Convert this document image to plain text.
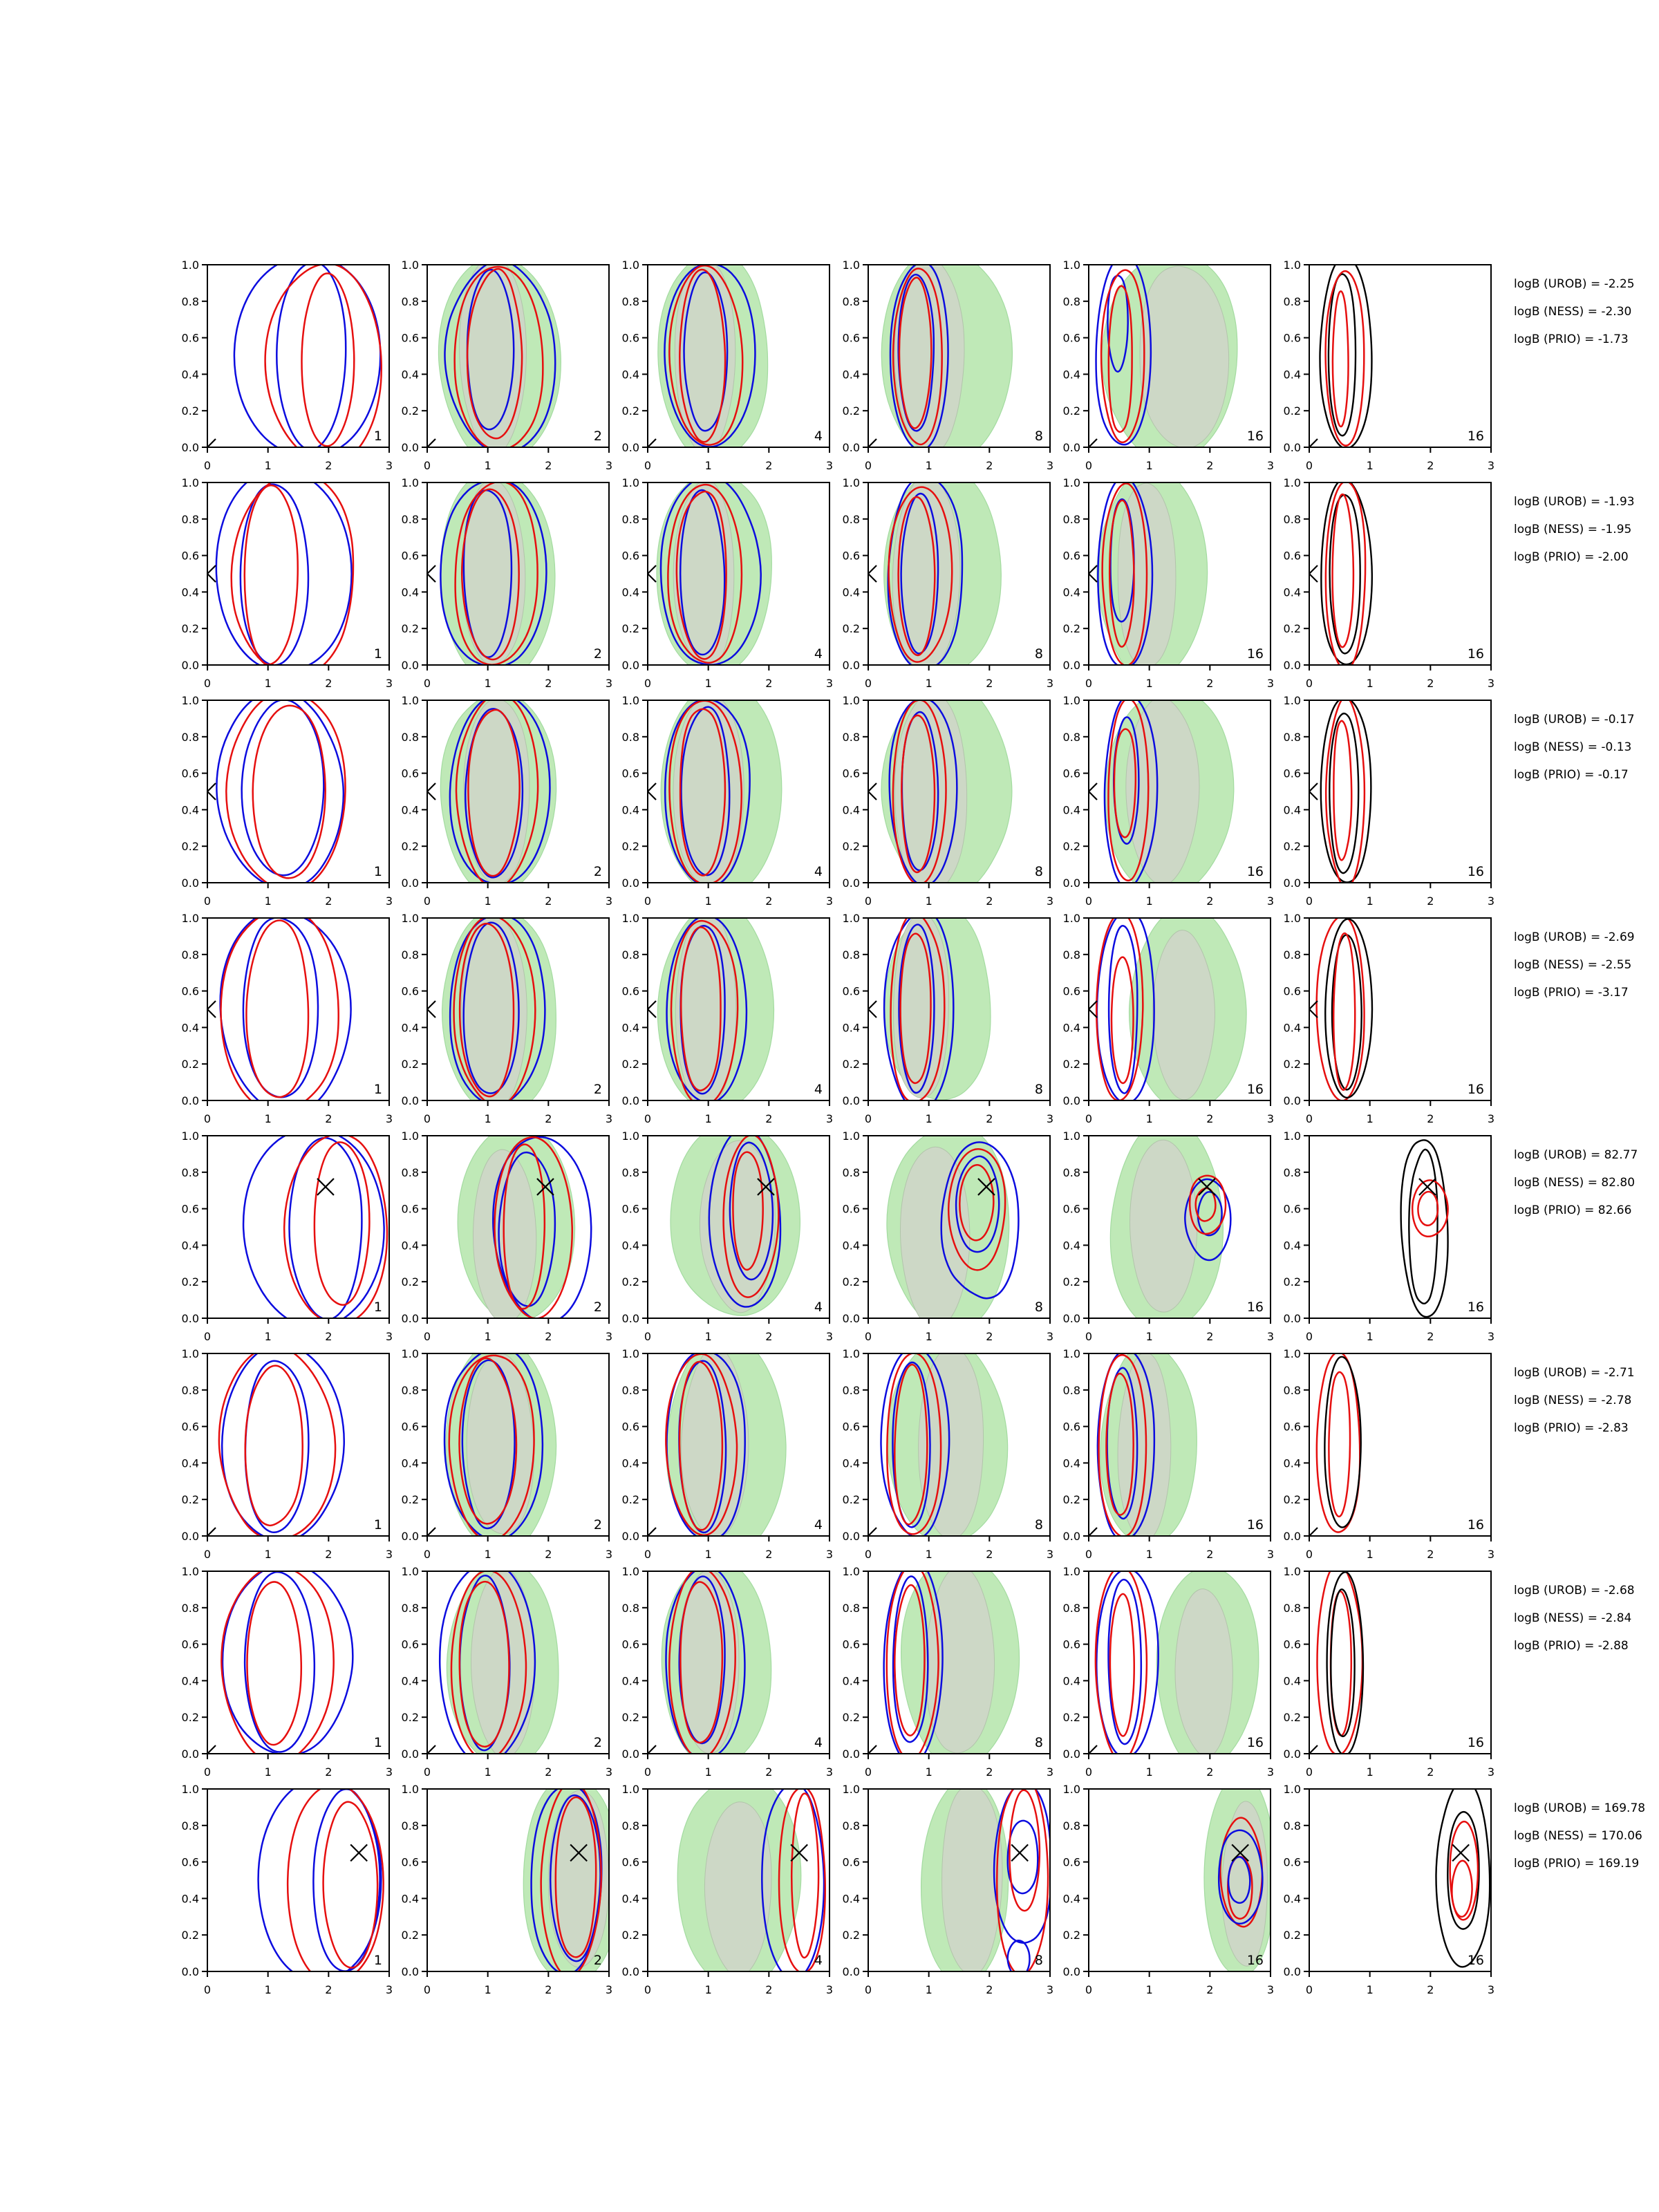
0	1	2	3
0.0
0.2
0.4
0.6
0.8
1.0
1
0	1	2	3
0.0
0.2
0.4
0.6
0.8
1.0
2
0	1	2	3
0.0
0.2
0.4
0.6
0.8
1.0
4
0	1	2	3
0.0
0.2
0.4
0.6
0.8
1.0
8
0	1	2	3
0.0
0.2
0.4
0.6
0.8
1.0
16
0	1	2	3
0.0
0.2
0.4
0.6
0.8
1.0
16
logB (UROB) = -2.25
logB (NESS) = -2.30
logB (PRIO) = -1.73
0	1	2	3
0.0
0.2
0.4
0.6
0.8
1.0
1
0	1	2	3
0.0
0.2
0.4
0.6
0.8
1.0
2
0	1	2	3
0.0
0.2
0.4
0.6
0.8
1.0
4
0	1	2	3
0.0
0.2
0.4
0.6
0.8
1.0
8
0	1	2	3
0.0
0.2
0.4
0.6
0.8
1.0
16
0	1	2	3
0.0
0.2
0.4
0.6
0.8
1.0
16
logB (UROB) = -1.93
logB (NESS) = -1.95
logB (PRIO) = -2.00
0	1	2	3
0.0
0.2
0.4
0.6
0.8
1.0
1
0	1	2	3
0.0
0.2
0.4
0.6
0.8
1.0
2
0	1	2	3
0.0
0.2
0.4
0.6
0.8
1.0
4
0	1	2	3
0.0
0.2
0.4
0.6
0.8
1.0
8
0	1	2	3
0.0
0.2
0.4
0.6
0.8
1.0
16
0	1	2	3
0.0
0.2
0.4
0.6
0.8
1.0
16
logB (UROB) = -0.17
logB (NESS) = -0.13
logB (PRIO) = -0.17
0	1	2	3
0.0
0.2
0.4
0.6
0.8
1.0
1
0	1	2	3
0.0
0.2
0.4
0.6
0.8
1.0
2
0	1	2	3
0.0
0.2
0.4
0.6
0.8
1.0
4
0	1	2	3
0.0
0.2
0.4
0.6
0.8
1.0
8
0	1	2	3
0.0
0.2
0.4
0.6
0.8
1.0
16
0	1	2	3
0.0
0.2
0.4
0.6
0.8
1.0
16
logB (UROB) = -2.69
logB (NESS) = -2.55
logB (PRIO) = -3.17
0	1	2	3
0.0
0.2
0.4
0.6
0.8
1.0
1
0	1	2	3
0.0
0.2
0.4
0.6
0.8
1.0
2
0	1	2	3
0.0
0.2
0.4
0.6
0.8
1.0
4
0	1	2	3
0.0
0.2
0.4
0.6
0.8
1.0
8
0	1	2	3
0.0
0.2
0.4
0.6
0.8
1.0
16
0	1	2	3
0.0
0.2
0.4
0.6
0.8
1.0
16
logB (UROB) = 82.77
logB (NESS) = 82.80
logB (PRIO) = 82.66
0	1	2	3
0.0
0.2
0.4
0.6
0.8
1.0
1
0	1	2	3
0.0
0.2
0.4
0.6
0.8
1.0
2
0	1	2	3
0.0
0.2
0.4
0.6
0.8
1.0
4
0	1	2	3
0.0
0.2
0.4
0.6
0.8
1.0
8
0	1	2	3
0.0
0.2
0.4
0.6
0.8
1.0
16
0	1	2	3
0.0
0.2
0.4
0.6
0.8
1.0
16
logB (UROB) = -2.71
logB (NESS) = -2.78
logB (PRIO) = -2.83
0	1	2	3
0.0
0.2
0.4
0.6
0.8
1.0
1
0	1	2	3
0.0
0.2
0.4
0.6
0.8
1.0
2
0	1	2	3
0.0
0.2
0.4
0.6
0.8
1.0
4
0	1	2	3
0.0
0.2
0.4
0.6
0.8
1.0
8
0	1	2	3
0.0
0.2
0.4
0.6
0.8
1.0
16
0	1	2	3
0.0
0.2
0.4
0.6
0.8
1.0
16
logB (UROB) = -2.68
logB (NESS) = -2.84
logB (PRIO) = -2.88
0	1	2	3
0.0
0.2
0.4
0.6
0.8
1.0
1
0	1	2	3
0.0
0.2
0.4
0.6
0.8
1.0
2
0	1	2	3
0.0
0.2
0.4
0.6
0.8
1.0
4
0	1	2	3
0.0
0.2
0.4
0.6
0.8
1.0
8
0	1	2	3
0.0
0.2
0.4
0.6
0.8
1.0
16
0	1	2	3
0.0
0.2
0.4
0.6
0.8
1.0
16
logB (UROB) = 169.78
logB (NESS) = 170.06
logB (PRIO) = 169.19
